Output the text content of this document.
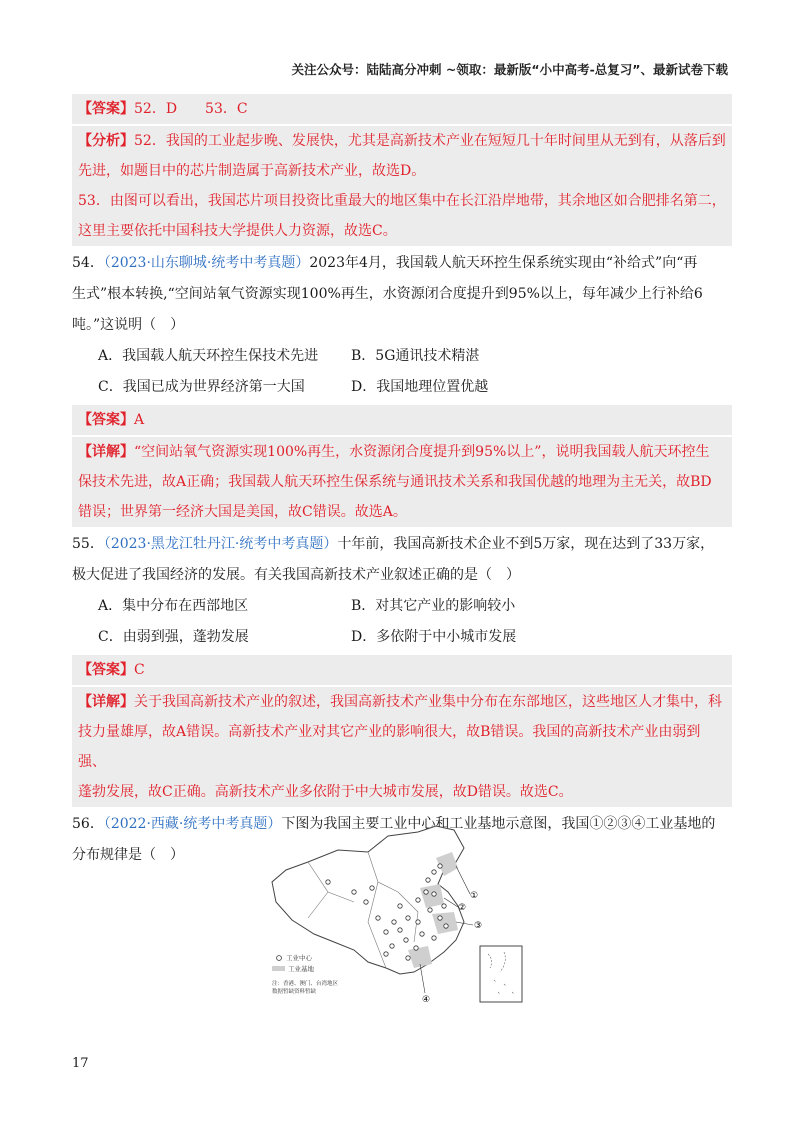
关注公众号：陆陆高分冲刺 ~领取：最新版“小中高考-总复习”、最新试卷下载
【答案】52．D　　53．C
【分析】52．我国的工业起步晚、发展快，尤其是高新技术产业在短短几十年时间里从无到有，从落后到
先进，如题目中的芯片制造属于高新技术产业，故选D。
53．由图可以看出，我国芯片项目投资比重最大的地区集中在长江沿岸地带，其余地区如合肥排名第二，
这里主要依托中国科技大学提供人力资源，故选C。
54．（2023·山东聊城·统考中考真题）2023年4月，我国载人航天环控生保系统实现由“补给式”向“再
生式”根本转换,“空间站氧气资源实现100%再生，水资源闭合度提升到95%以上，每年减少上行补给6
吨。”这说明（　）
A．我国载人航天环控生保技术先进	B．5G通讯技术精湛
C．我国已成为世界经济第一大国	D．我国地理位置优越
【答案】A
【详解】“空间站氧气资源实现100%再生，水资源闭合度提升到95%以上”，说明我国载人航天环控生
保技术先进，故A正确；我国载人航天环控生保系统与通讯技术关系和我国优越的地理为主无关，故BD
错误；世界第一经济大国是美国，故C错误。故选A。
55．（2023·黑龙江牡丹江·统考中考真题）十年前，我国高新技术企业不到5万家，现在达到了33万家，
极大促进了我国经济的发展。有关我国高新技术产业叙述正确的是（　）
A．集中分布在西部地区	B．对其它产业的影响较小
C．由弱到强，蓬勃发展	D．多依附于中小城市发展
【答案】C
【详解】关于我国高新技术产业的叙述，我国高新技术产业集中分布在东部地区，这些地区人才集中，科
技力量雄厚，故A错误。高新技术产业对其它产业的影响很大，故B错误。我国的高新技术产业由弱到强、
蓬勃发展，故C正确。高新技术产业多依附于中大城市发展，故D错误。故选C。
56．（2022·西藏·统考中考真题）下图为我国主要工业中心和工业基地示意图，我国①②③④工业基地的
分布规律是（　）
①
②
③
④
工业中心
工业基地
注：香港、澳门、台湾地区
数据暂缺资料暂缺
17
